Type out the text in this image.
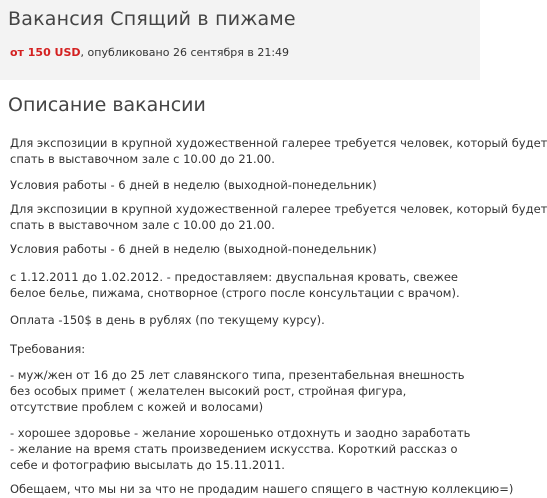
Вакансия Спящий в пижаме
от 150 USD, опубликовано 26 сентября в 21:49
Описание вакансии

Для экспозиции в крупной художественной галерее требуется человек, который будет

спать в выставочном зале с 10.00 до 21.00.

Условия работы - 6 дней в неделю (выходной-понедельник)

Для экспозиции в крупной художественной галерее требуется человек, который будет

спать в выставочном зале с 10.00 до 21.00.

Условия работы - 6 дней в неделю (выходной-понедельник)

с 1.12.2011 до 1.02.2012. - предоставляем: двуспальная кровать, свежее

белое белье, пижама, снотворное (строго после консультации с врачом).

Оплата -150$ в день в рублях (по текущему курсу).

Требования:

- муж/жен от 16 до 25 лет славянского типа, презентабельная внешность

без особых примет ( желателен высокий рост, стройная фигура,

отсутствие проблем с кожей и волосами)

- хорошее здоровье - желание хорошенько отдохнуть и заодно заработать

- желание на время стать произведением искусства. Короткий рассказ о

себе и фотографию высылать до 15.11.2011.

Обещаем, что мы ни за что не продадим нашего спящего в частную коллекцию=)
